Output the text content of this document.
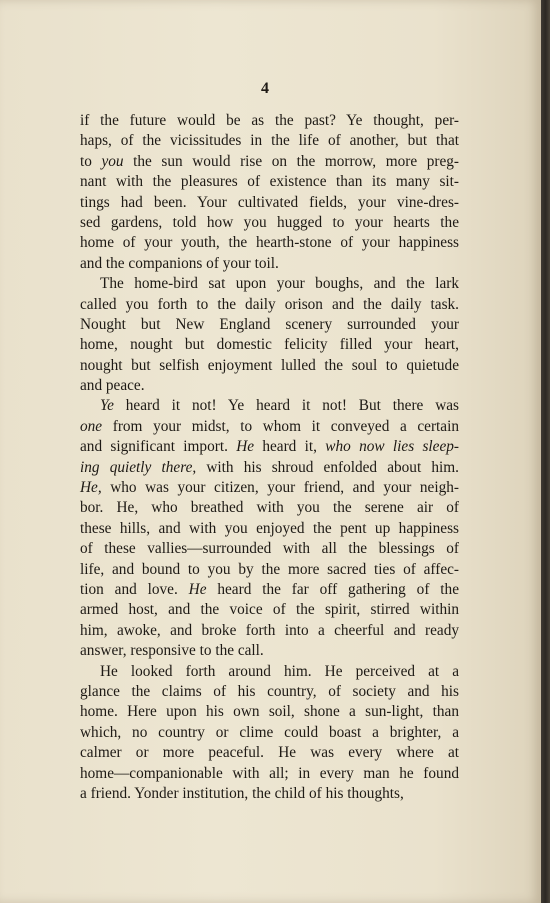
4
if the future would be as the past? Ye thought, per-
haps, of the vicissitudes in the life of another, but that
to you the sun would rise on the morrow, more preg-
nant with the pleasures of existence than its many sit-
tings had been. Your cultivated fields, your vine-dres-
sed gardens, told how you hugged to your hearts the
home of your youth, the hearth-stone of your happiness
and the companions of your toil.
The home-bird sat upon your boughs, and the lark
called you forth to the daily orison and the daily task.
Nought but New England scenery surrounded your
home, nought but domestic felicity filled your heart,
nought but selfish enjoyment lulled the soul to quietude
and peace.
Ye heard it not! Ye heard it not! But there was
one from your midst, to whom it conveyed a certain
and significant import. He heard it, who now lies sleep-
ing quietly there, with his shroud enfolded about him.
He, who was your citizen, your friend, and your neigh-
bor. He, who breathed with you the serene air of
these hills, and with you enjoyed the pent up happiness
of these vallies—surrounded with all the blessings of
life, and bound to you by the more sacred ties of affec-
tion and love. He heard the far off gathering of the
armed host, and the voice of the spirit, stirred within
him, awoke, and broke forth into a cheerful and ready
answer, responsive to the call.
He looked forth around him. He perceived at a
glance the claims of his country, of society and his
home. Here upon his own soil, shone a sun-light, than
which, no country or clime could boast a brighter, a
calmer or more peaceful. He was every where at
home—companionable with all; in every man he found
a friend. Yonder institution, the child of his thoughts,
